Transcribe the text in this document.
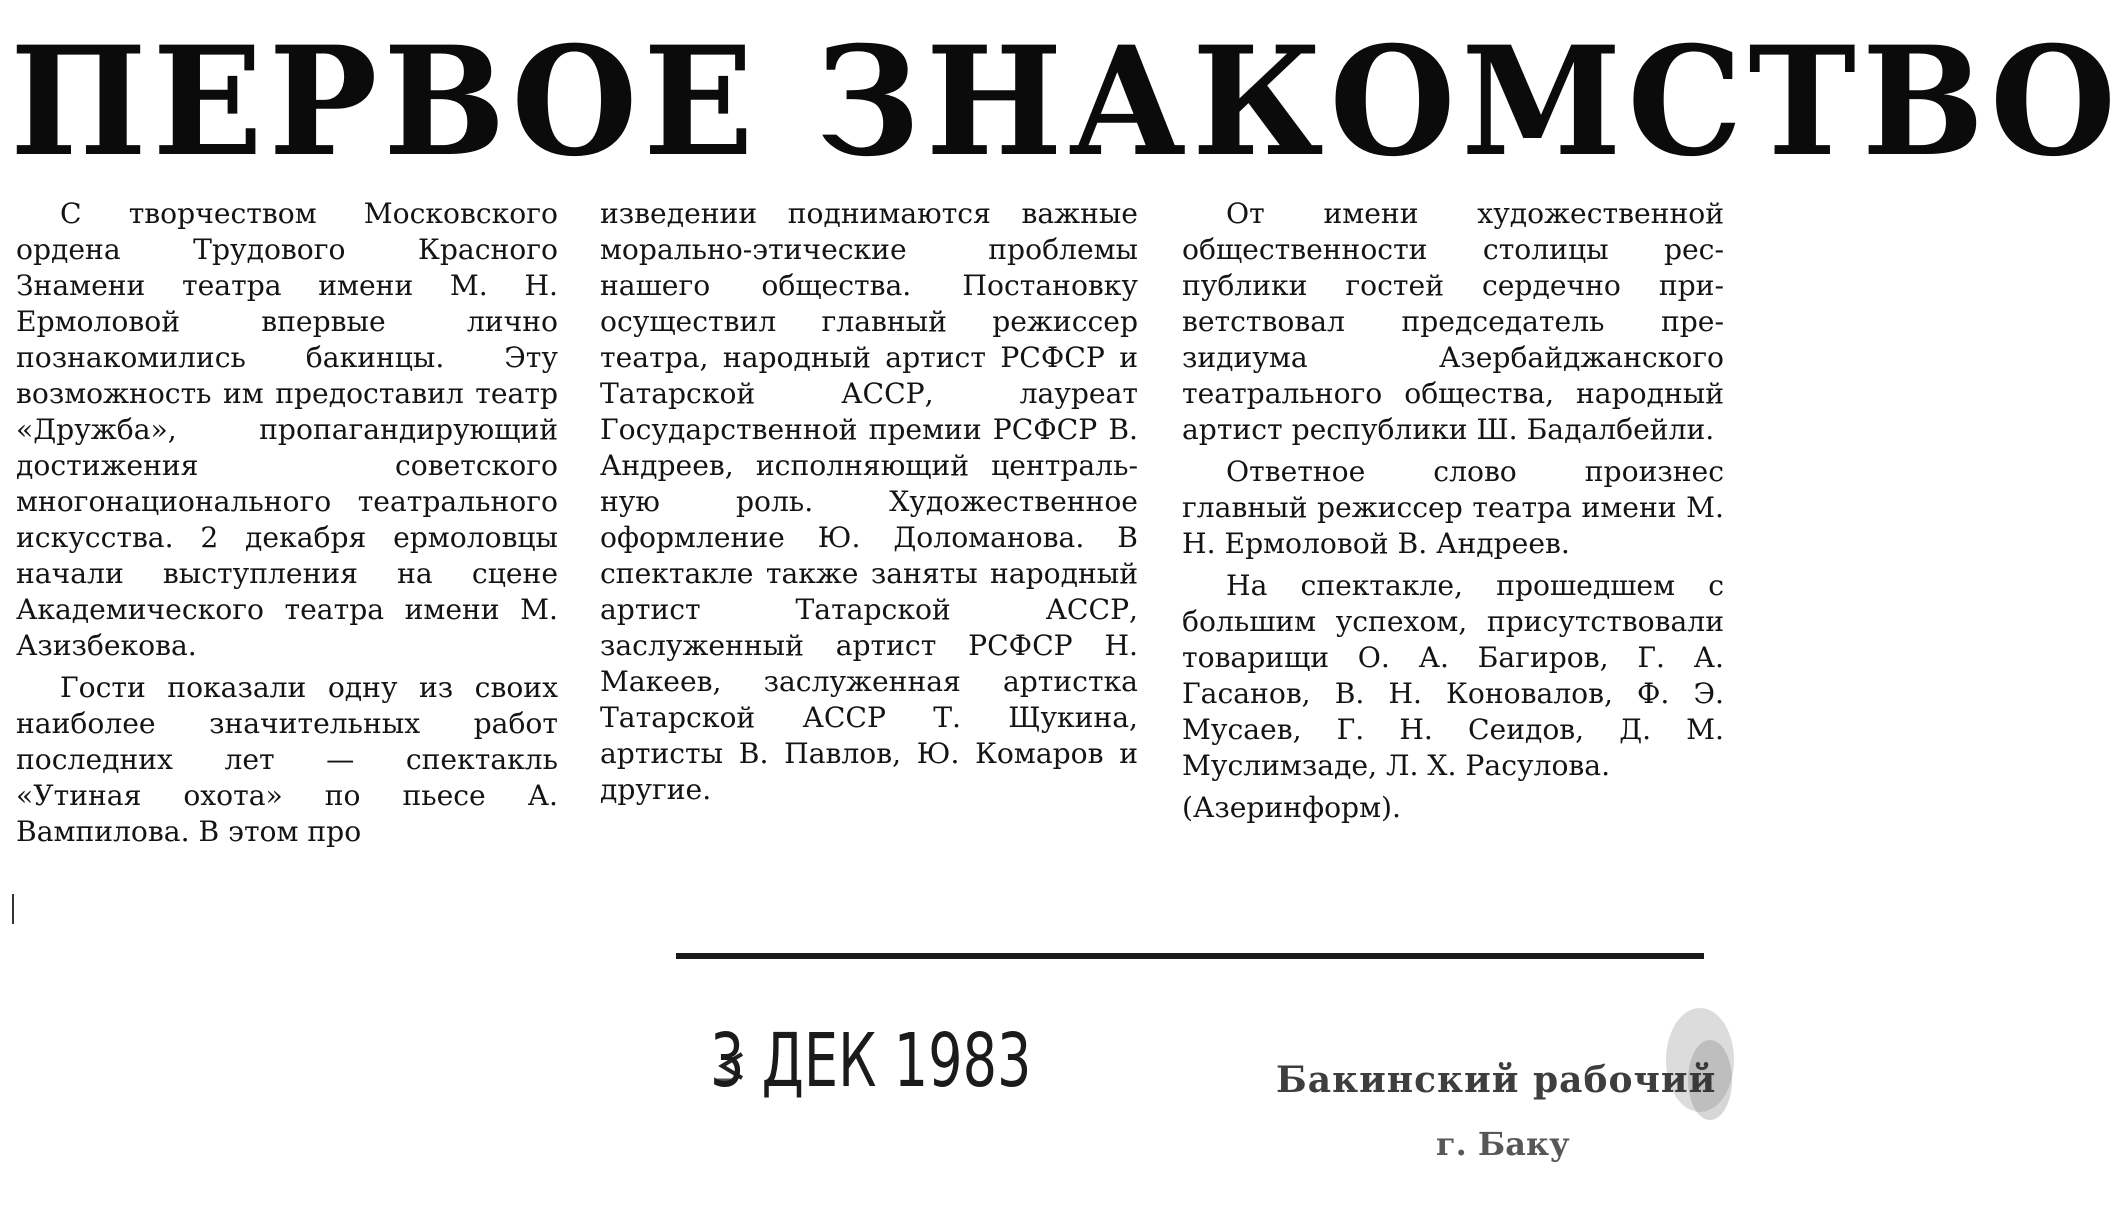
ПЕРВОЕ ЗНАКОМСТВО

С творчеством Московского ордена Трудового Красного Знамени театра имени М. Н. Ермоловой впервые лично познакомились бакинцы. Эту возможность им предоставил театр «Дружба», пропагандирующий достижения советского многонационального театрального искусства. 2 декабря ермоловцы начали выступления на сцене Академического театра имени М. Азизбекова.

Гости показали одну из своих наиболее значительных работ последних лет — спектакль «Утиная охота» по пьесе А. Вампилова. В этом про

изведении поднимаются важные морально-этические проблемы нашего общества. Постановку осуществил главный режиссер театра, народный артист РСФСР и Татарской АССР, лауреат Государственной премии РСФСР В. Андреев, исполняющий центральную роль. Художественное оформление Ю. Доломанова. В спектакле также заняты народный артист Татарской АССР, заслуженный артист РСФСР Н. Макеев, заслуженная артистка Татарской АССР Т. Щукина, артисты В. Павлов, Ю. Комаров и другие.

От имени художественной общественности столицы республики гостей сердечно приветствовал председатель президиума Азербайджанского театрального общества, народный артист республики Ш. Бадалбейли.

Ответное слово произнес главный режиссер театра имени М. Н. Ермоловой В. Андреев.

На спектакле, прошедшем с большим успехом, присутствовали товарищи О. А. Багиров, Г. А. Гасанов, В. Н. Коновалов, Ф. Э. Мусаев, Г. Н. Сеидов, Д. М. Муслимзаде, Л. Х. Расулова.

(Азеринформ).

3 ДЕК 1983	Бакинский рабочий
г. Баку
